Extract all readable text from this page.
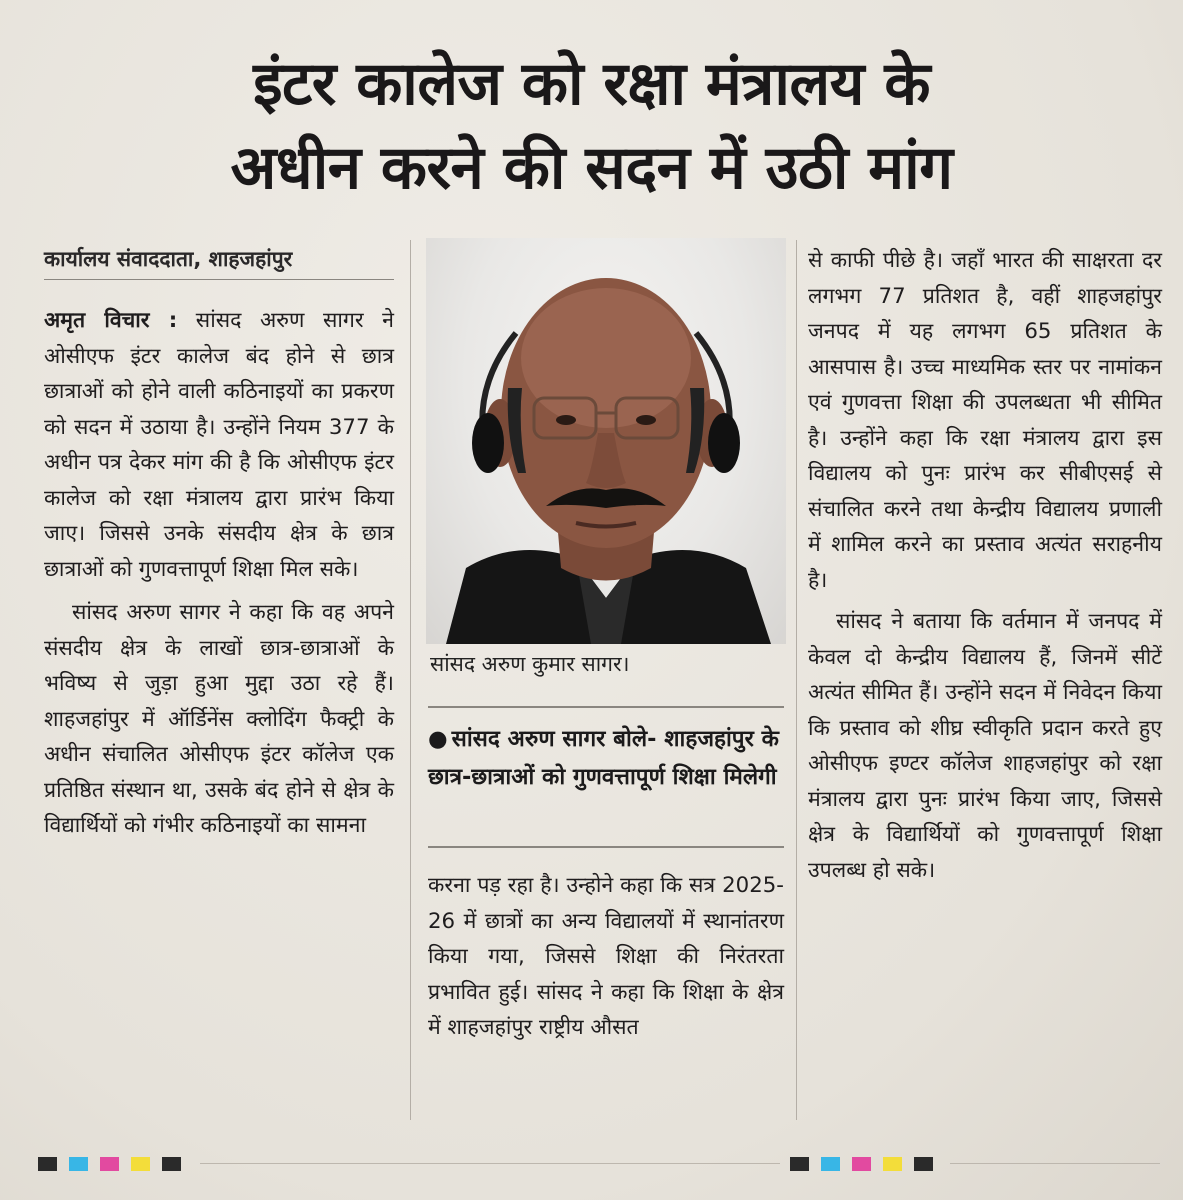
इंटर कालेज को रक्षा मंत्रालय के
अधीन करने की सदन में उठी मांग
कार्यालय संवाददाता, शाहजहांपुर

अमृत विचार : सांसद अरुण सागर ने ओसीएफ इंटर कालेज बंद होने से छात्र छात्राओं को होने वाली कठिनाइयों का प्रकरण को सदन में उठाया है। उन्होंने नियम 377 के अधीन पत्र देकर मांग की है कि ओसीएफ इंटर कालेज को रक्षा मंत्रालय द्वारा प्रारंभ किया जाए। जिससे उनके संसदीय क्षेत्र के छात्र छात्राओं को गुणवत्तापूर्ण शिक्षा मिल सके।

सांसद अरुण सागर ने कहा कि वह अपने संसदीय क्षेत्र के लाखों छात्र-छात्राओं के भविष्य से जुड़ा हुआ मुद्दा उठा रहे हैं। शाहजहांपुर में ऑर्डिनेंस क्लोदिंग फैक्ट्री के अधीन संचालित ओसीएफ इंटर कॉलेज एक प्रतिष्ठित संस्थान था, उसके बंद होने से क्षेत्र के विद्यार्थियों को गंभीर कठिनाइयों का सामना

सांसद अरुण कुमार सागर।
● सांसद अरुण सागर बोले- शाहजहांपुर के छात्र-छात्राओं को गुणवत्तापूर्ण शिक्षा मिलेगी

करना पड़ रहा है। उन्होने कहा कि सत्र 2025-26 में छात्रों का अन्य विद्यालयों में स्थानांतरण किया गया, जिससे शिक्षा की निरंतरता प्रभावित हुई। सांसद ने कहा कि शिक्षा के क्षेत्र में शाहजहांपुर राष्ट्रीय औसत

से काफी पीछे है। जहाँ भारत की साक्षरता दर लगभग 77 प्रतिशत है, वहीं शाहजहांपुर जनपद में यह लगभग 65 प्रतिशत के आसपास है। उच्च माध्यमिक स्तर पर नामांकन एवं गुणवत्ता शिक्षा की उपलब्धता भी सीमित है। उन्होंने कहा कि रक्षा मंत्रालय द्वारा इस विद्यालय को पुनः प्रारंभ कर सीबीएसई से संचालित करने तथा केन्द्रीय विद्यालय प्रणाली में शामिल करने का प्रस्ताव अत्यंत सराहनीय है।

सांसद ने बताया कि वर्तमान में जनपद में केवल दो केन्द्रीय विद्यालय हैं, जिनमें सीटें अत्यंत सीमित हैं। उन्होंने सदन में निवेदन किया कि प्रस्ताव को शीघ्र स्वीकृति प्रदान करते हुए ओसीएफ इण्टर कॉलेज शाहजहांपुर को रक्षा मंत्रालय द्वारा पुनः प्रारंभ किया जाए, जिससे क्षेत्र के विद्यार्थियों को गुणवत्तापूर्ण शिक्षा उपलब्ध हो सके।
